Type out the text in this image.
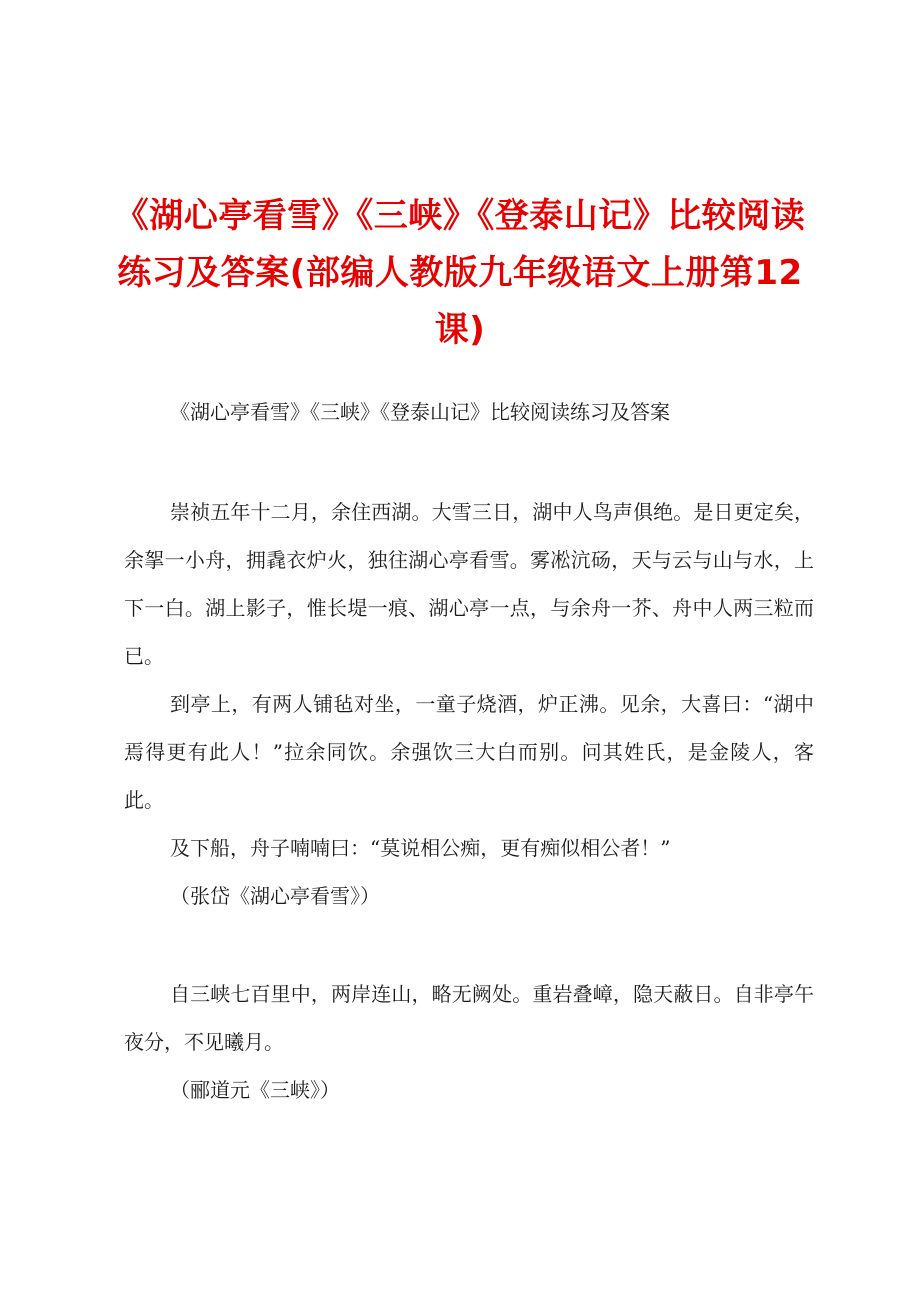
《湖心亭看雪》《三峡》《登泰山记》比较阅读练习及答案(部编人教版九年级语文上册第12课)

《湖心亭看雪》《三峡》《登泰山记》比较阅读练习及答案

崇祯五年十二月，余住西湖。大雪三日，湖中人鸟声俱绝。是日更定矣，余挐一小舟，拥毳衣炉火，独往湖心亭看雪。雾凇沆砀，天与云与山与水，上下一白。湖上影子，惟长堤一痕、湖心亭一点，与余舟一芥、舟中人两三粒而已。

到亭上，有两人铺毡对坐，一童子烧酒，炉正沸。见余，大喜曰：“湖中焉得更有此人！”拉余同饮。余强饮三大白而别。问其姓氏，是金陵人，客此。

及下船，舟子喃喃曰：“莫说相公痴，更有痴似相公者！”

（张岱《湖心亭看雪》）

自三峡七百里中，两岸连山，略无阙处。重岩叠嶂，隐天蔽日。自非亭午夜分，不见曦月。

（郦道元《三峡》）
